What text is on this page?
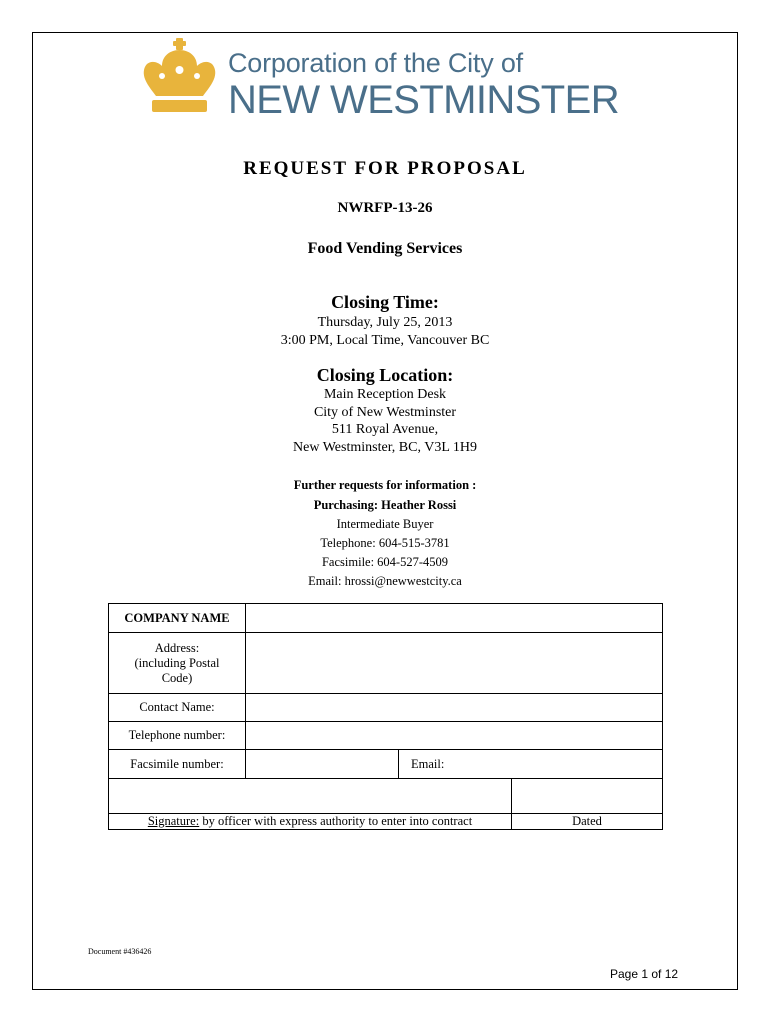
Corporation of the City of
NEW WESTMINSTER
REQUEST FOR PROPOSAL
NWRFP-13-26
Food Vending Services
Closing Time:
Thursday, July 25, 2013
3:00 PM, Local Time, Vancouver BC
Closing Location:
Main Reception Desk
City of New Westminster
511 Royal Avenue,
New Westminster, BC, V3L 1H9
Further requests for information :
Purchasing: Heather Rossi
Intermediate Buyer
Telephone: 604-515-3781
Facsimile: 604-527-4509
Email: hrossi@newwestcity.ca
COMPANY NAME			

Address:
(including Postal
Code)			

Contact Name:			
Telephone number:			
Facsimile number:		Email:	

Signature: by officer with express authority to enter into contract			Dated
Document #436426
Page 1 of 12
